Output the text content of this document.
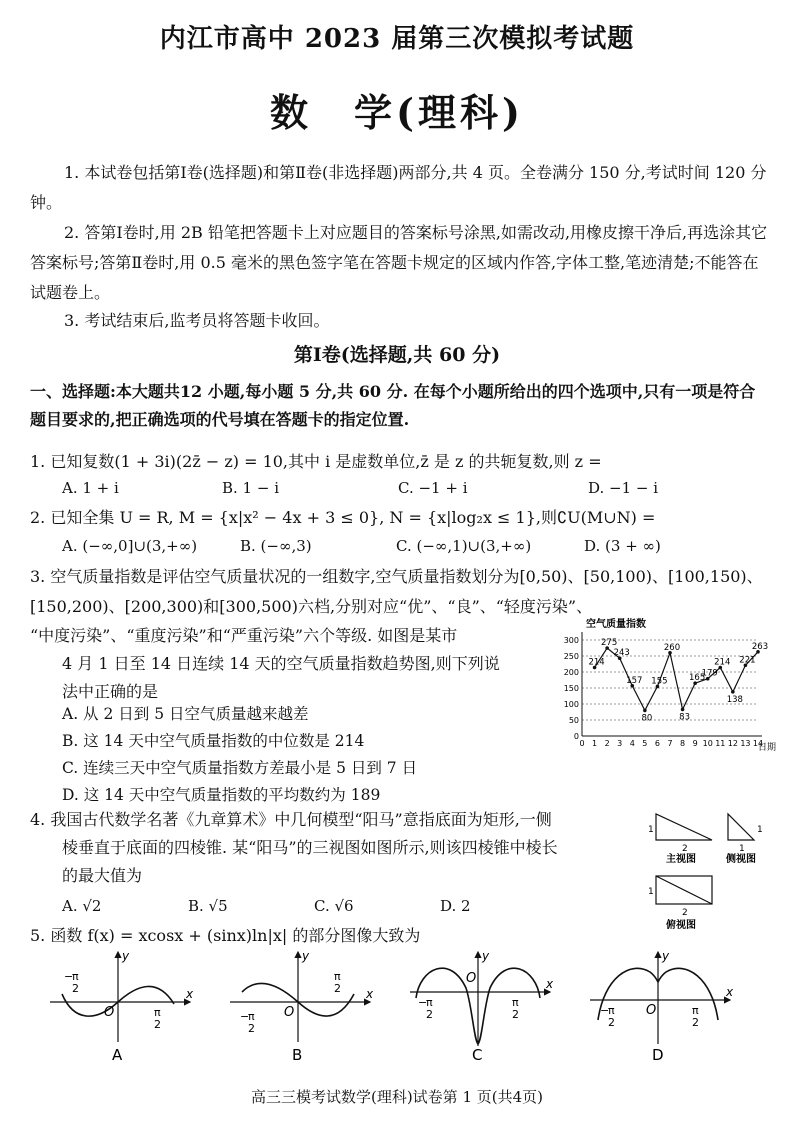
内江市高中 2023 届第三次模拟考试题
数　学(理科)
1. 本试卷包括第Ⅰ卷(选择题)和第Ⅱ卷(非选择题)两部分,共 4 页。全卷满分 150 分,考试时间 120 分钟。
2. 答第Ⅰ卷时,用 2B 铅笔把答题卡上对应题目的答案标号涂黑,如需改动,用橡皮擦干净后,再选涂其它答案标号;答第Ⅱ卷时,用 0.5 毫米的黑色签字笔在答题卡规定的区域内作答,字体工整,笔迹清楚;不能答在试题卷上。
3. 考试结束后,监考员将答题卡收回。
第Ⅰ卷(选择题,共 60 分)
一、选择题:本大题共12 小题,每小题 5 分,共 60 分. 在每个小题所给出的四个选项中,只有一项是符合题目要求的,把正确选项的代号填在答题卡的指定位置.
1. 已知复数(1 + 3i)(2z̄ − z) = 10,其中 i 是虚数单位,z̄ 是 z 的共轭复数,则 z =
A. 1 + i	B. 1 − i	C. −1 + i	D. −1 − i
2. 已知全集 U = R, M = {x|x² − 4x + 3 ≤ 0}, N = {x|log₂x ≤ 1},则∁U(M∪N) =
A. (−∞,0]∪(3,+∞)	B. (−∞,3)	C. (−∞,1)∪(3,+∞)	D. (3 + ∞)
3. 空气质量指数是评估空气质量状况的一组数字,空气质量指数划分为[0,50)、[50,100)、[100,150)、[150,200)、[200,300)和[300,500)六档,分别对应“优”、“良”、“轻度污染”、
“中度污染”、“重度污染”和“严重污染”六个等级. 如图是某市
4 月 1 日至 14 日连续 14 天的空气质量指数趋势图,则下列说
法中正确的是
A. 从 2 日到 5 日空气质量越来越差
B. 这 14 天中空气质量指数的中位数是 214
C. 连续三天中空气质量指数方差最小是 5 日到 7 日
D. 这 14 天中空气质量指数的平均数约为 189
空气质量指数
0
50
100
150
200
250
300
0 1 2 3 4 5 6 7 8 9 10 11 12 13 14
214
275
243
157
80
155
260
83
165
179
214
138
221
263
日期
4. 我国古代数学名著《九章算术》中几何模型“阳马”意指底面为矩形,一侧
棱垂直于底面的四棱锥. 某“阳马”的三视图如图所示,则该四棱锥中棱长
的最大值为
A. √2	B. √5	C. √6	D. 2
1
2
主视图
1
1
侧视图
1
2
俯视图
5. 函数 f(x) = xcosx + (sinx)ln|x| 的部分图像大致为
y
x
O
−
π
2
π
2
A
y
x
O
−
π
2
π
2
B
y
x
O
−
π
2
π
2
C
y
x
O
−
π
2
π
2
D
高三三模考试数学(理科)试卷第 1 页(共4页)
